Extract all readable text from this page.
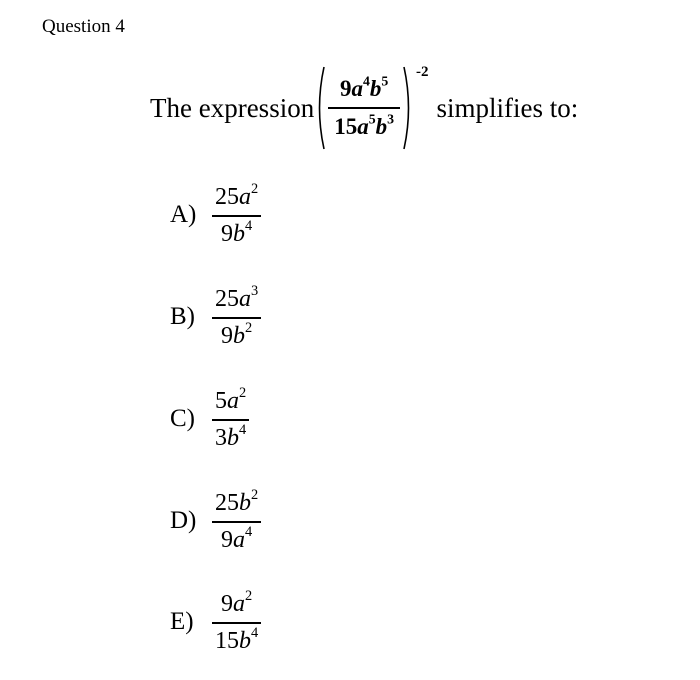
Question 4
The expression $\frac{9a^4b^5}{15a^5b^3}$
-2
simplifies to:
$A) \frac{25a^2}{9b^4}$
$B) \frac{25a^3}{9b^2}$
$C) \frac{5a^2}{3b^4}$
$D) \frac{25b^2}{9a^4}$
$E) \frac{9a^2}{15b^4}$
